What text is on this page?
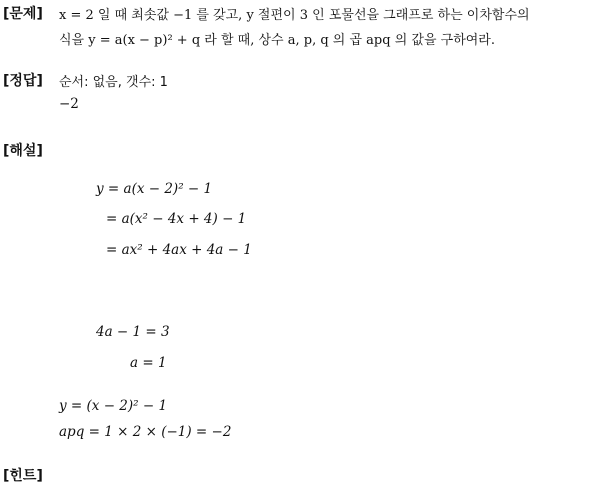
[문제] x = 2 일 때 최솟값 −1 를 갖고, y 절편이 3 인 포물선을 그래프로 하는 이차함수의
식을 y = a(x − p)² + q 라 할 때, 상수 a, p, q 의 곱 apq 의 값을 구하여라.
[정답] 순서: 없음, 갯수: 1
−2
[해설]
y = a(x − 2)² − 1
= a(x² − 4x + 4) − 1
= ax² + 4ax + 4a − 1
4a − 1 = 3
a = 1
y = (x − 2)² − 1
apq = 1 × 2 × (−1) = −2
[힌트]
